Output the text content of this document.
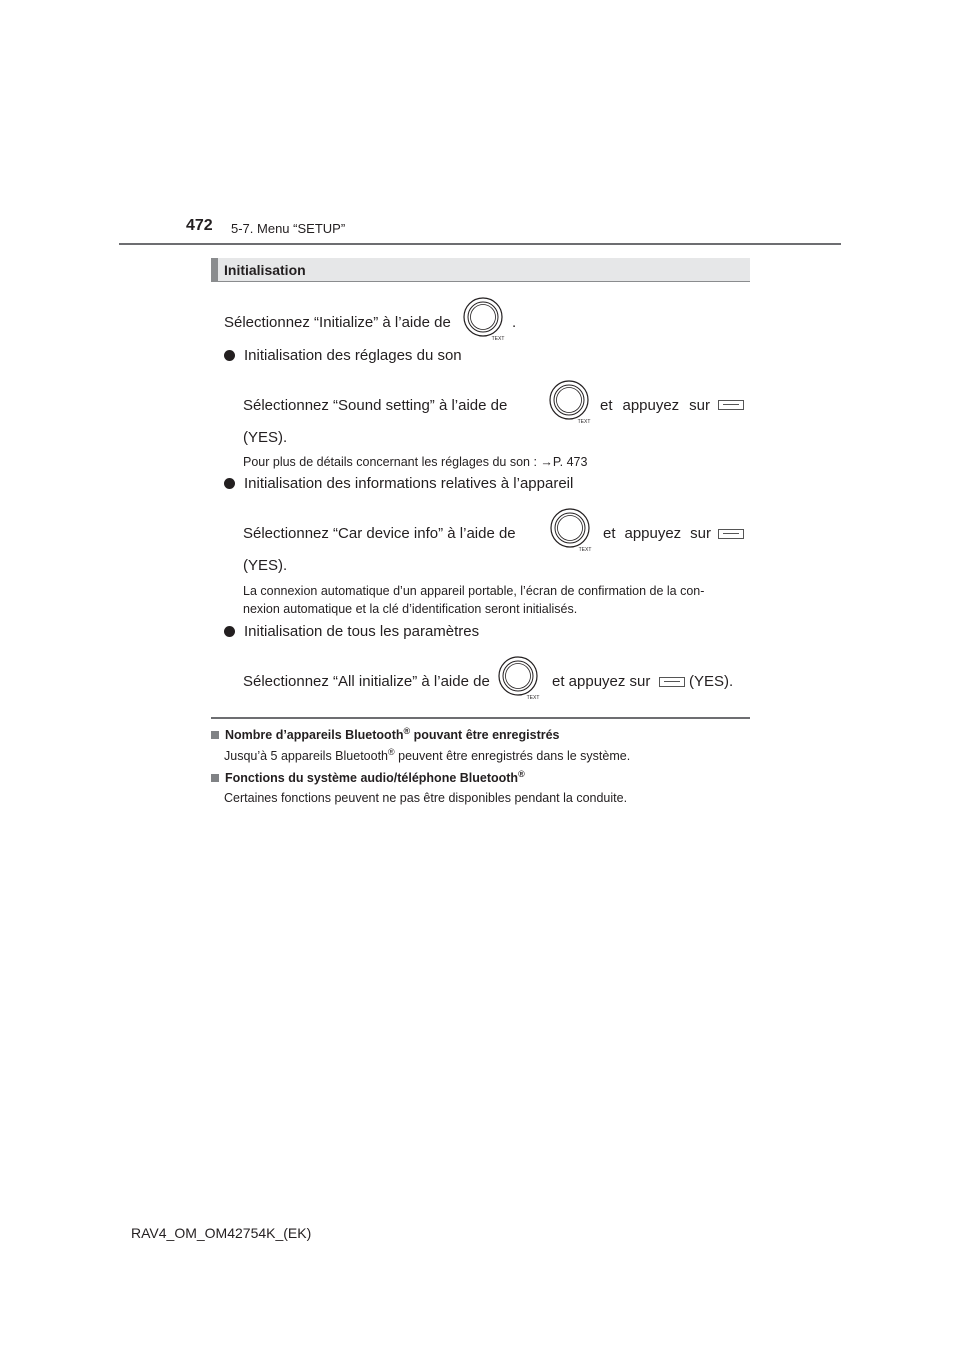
472 5-7. Menu “SETUP”
Initialisation
Sélectionnez “Initialize” à l’aide de
TEXT
.
Initialisation des réglages du son
Sélectionnez “Sound setting” à l’aide de
TEXT
et appuyez sur
(YES).
Pour plus de détails concernant les réglages du son : →P. 473
Initialisation des informations relatives à l’appareil
Sélectionnez “Car device info” à l’aide de
TEXT
et appuyez sur
(YES).
La connexion automatique d’un appareil portable, l’écran de confirmation de la con-
nexion automatique et la clé d’identification seront initialisés.
Initialisation de tous les paramètres
Sélectionnez “All initialize” à l’aide de
TEXT
et appuyez sur	(YES).
Nombre d’appareils Bluetooth® pouvant être enregistrés
Jusqu’à 5 appareils Bluetooth® peuvent être enregistrés dans le système.
Fonctions du système audio/téléphone Bluetooth®
Certaines fonctions peuvent ne pas être disponibles pendant la conduite.
RAV4_OM_OM42754K_(EK)
